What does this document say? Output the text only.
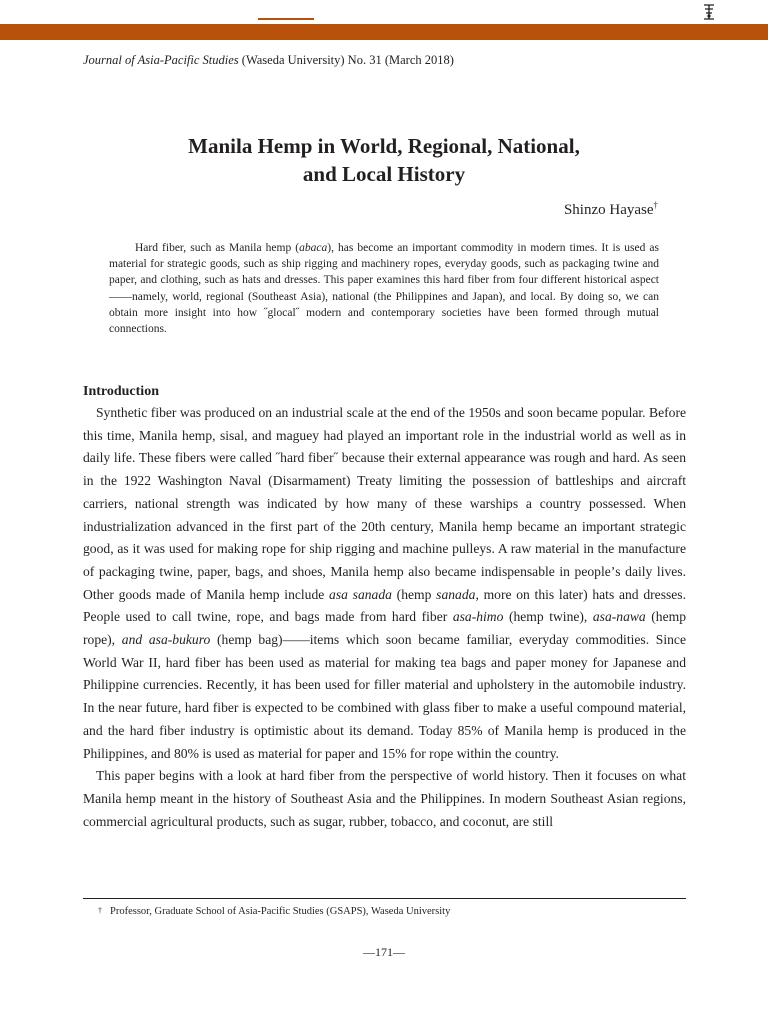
Journal of Asia-Pacific Studies (Waseda University) No. 31 (March 2018)
Manila Hemp in World, Regional, National,
and Local History
Shinzo Hayase†

Hard fiber, such as Manila hemp (abaca), has become an important commodity in modern times. It is used as material for strategic goods, such as ship rigging and machinery ropes, everyday goods, such as packaging twine and paper, and clothing, such as hats and dresses. This paper examines this hard fiber from four different historical aspect——namely, world, regional (Southeast Asia), national (the Philippines and Japan), and local. By doing so, we can obtain more insight into how ˝glocal˝ modern and contemporary societies have been formed through mutual connections.

Introduction

Synthetic fiber was produced on an industrial scale at the end of the 1950s and soon became popular. Before this time, Manila hemp, sisal, and maguey had played an important role in the industrial world as well as in daily life. These fibers were called ˝hard fiber˝ because their external appearance was rough and hard. As seen in the 1922 Washington Naval (Disarmament) Treaty limiting the possession of battleships and aircraft carriers, national strength was indicated by how many of these warships a country possessed. When industrialization advanced in the first part of the 20th century, Manila hemp became an important strategic good, as it was used for making rope for ship rigging and machine pulleys. A raw material in the manufacture of packaging twine, paper, bags, and shoes, Manila hemp also became indispensable in peopleʼs daily lives. Other goods made of Manila hemp include asa sanada (hemp sanada, more on this later) hats and dresses. People used to call twine, rope, and bags made from hard fiber asa-himo (hemp twine), asa-nawa (hemp rope), and asa-bukuro (hemp bag)——items which soon became familiar, everyday commodities. Since World War II, hard fiber has been used as material for making tea bags and paper money for Japanese and Philippine currencies. Recently, it has been used for filler material and upholstery in the automobile industry. In the near future, hard fiber is expected to be combined with glass fiber to make a useful compound material, and the hard fiber industry is optimistic about its demand. Today 85% of Manila hemp is produced in the Philippines, and 80% is used as material for paper and 15% for rope within the country.

This paper begins with a look at hard fiber from the perspective of world history. Then it focuses on what Manila hemp meant in the history of Southeast Asia and the Philippines. In modern Southeast Asian regions, commercial agricultural products, such as sugar, rubber, tobacco, and coconut, are still

† Professor, Graduate School of Asia-Pacific Studies (GSAPS), Waseda University
―171―
